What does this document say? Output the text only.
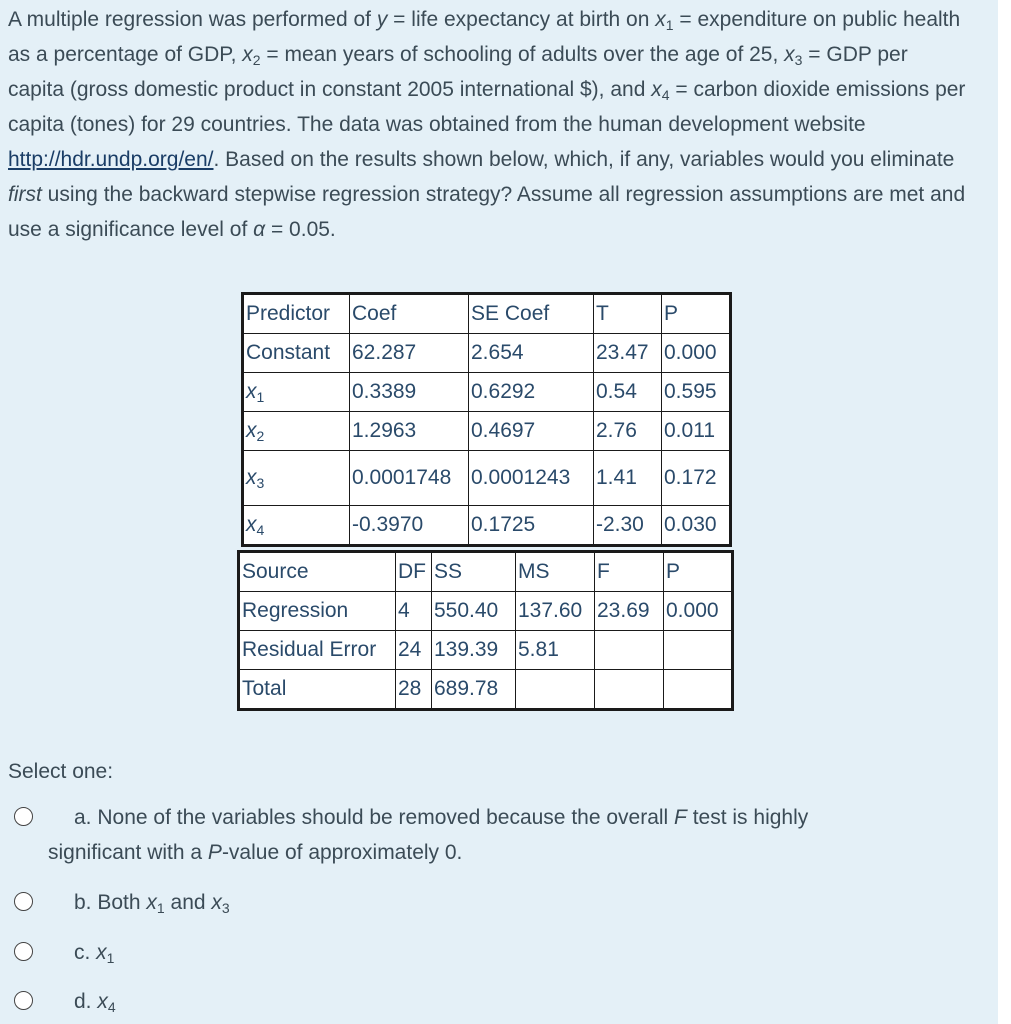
A multiple regression was performed of y = life expectancy at birth on $x_1$ = expenditure on public health as a percentage of GDP, $x_2$ = mean years of schooling of adults over the age of 25, $x_3$ = GDP per capita (gross domestic product in constant 2005 international $), and $x_4$ = carbon dioxide emissions per capita (tones) for 29 countries. The data was obtained from the human development website http://hdr.undp.org/en/. Based on the results shown below, which, if any, variables would you eliminate first using the backward stepwise regression strategy? Assume all regression assumptions are met and use a significance level of α = 0.05.
Predictor	Coef	SE Coef	T	P
Constant	62.287	2.654	23.47	0.000
$x_1$	0.3389	0.6292	0.54	0.595
$x_2$	1.2963	0.4697	2.76	0.011
$x_3$	0.0001748	0.0001243	1.41	0.172
$x_4$	-0.3970	0.1725	-2.30	0.030
Source	DF	SS	MS	F	P
Regression	4	550.40	137.60	23.69	0.000
Residual Error	24	139.39	5.81		
Total	28	689.78			
Select one:
a. None of the variables should be removed because the overall F test is highly
significant with a P-value of approximately 0.
b. Both $x_1$ and $x_3$
c. $x_1$
d. $x_4$
